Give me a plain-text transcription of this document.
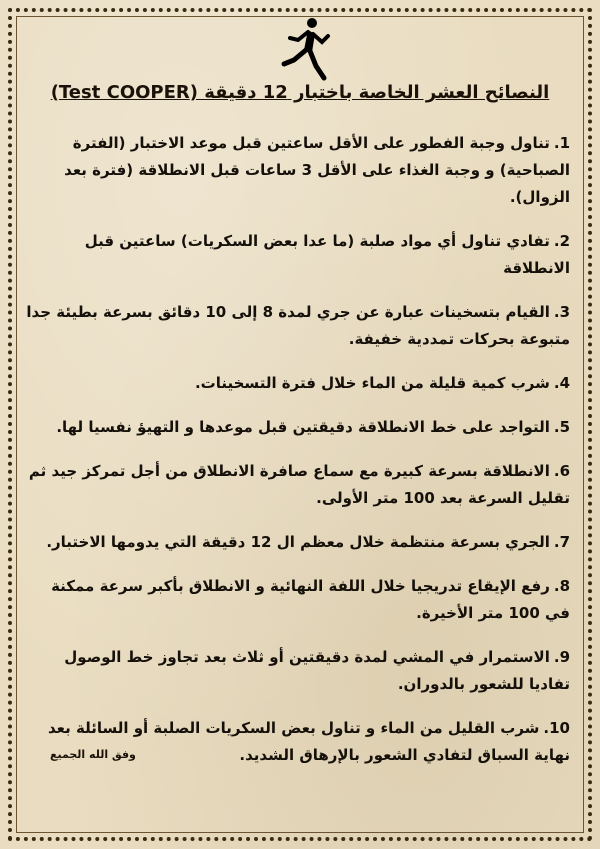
النصائح العشر الخاصة باختبار 12 دقيقة (Test COOPER)
1.تناول وجبة الفطور على الأقل ساعتين قبل موعد الاختبار (الفترة الصباحية) و وجبة الغذاء على الأقل 3 ساعات قبل الانطلاقة (فترة بعد الزوال).
2.تفادي تناول أي مواد صلبة (ما عدا بعض السكريات) ساعتين قبل الانطلاقة
3.القيام بتسخينات عبارة عن جري لمدة 8 إلى 10 دقائق بسرعة بطيئة جدا متبوعة بحركات تمددية خفيفة.
4.شرب كمية قليلة من الماء خلال فترة التسخينات.
5.التواجد على خط الانطلاقة دقيقتين قبل موعدها و التهيؤ نفسيا لها.
6.الانطلاقة بسرعة كبيرة مع سماع صافرة الانطلاق من أجل تمركز جيد ثم تقليل السرعة بعد 100 متر الأولى.
7.الجري بسرعة منتظمة خلال معظم ال 12 دقيقة التي يدومها الاختبار.
8.رفع الإيقاع تدريجيا خلال اللفة النهائية و الانطلاق بأكبر سرعة ممكنة في 100 متر الأخيرة.
9.الاستمرار في المشي لمدة دقيقتين أو ثلاث بعد تجاوز خط الوصول تفاديا للشعور بالدوران.
10.شرب القليل من الماء و تناول بعض السكريات الصلبة أو السائلة بعد نهاية السباق لتفادي الشعور بالإرهاق الشديد.
وفق الله الجميع
